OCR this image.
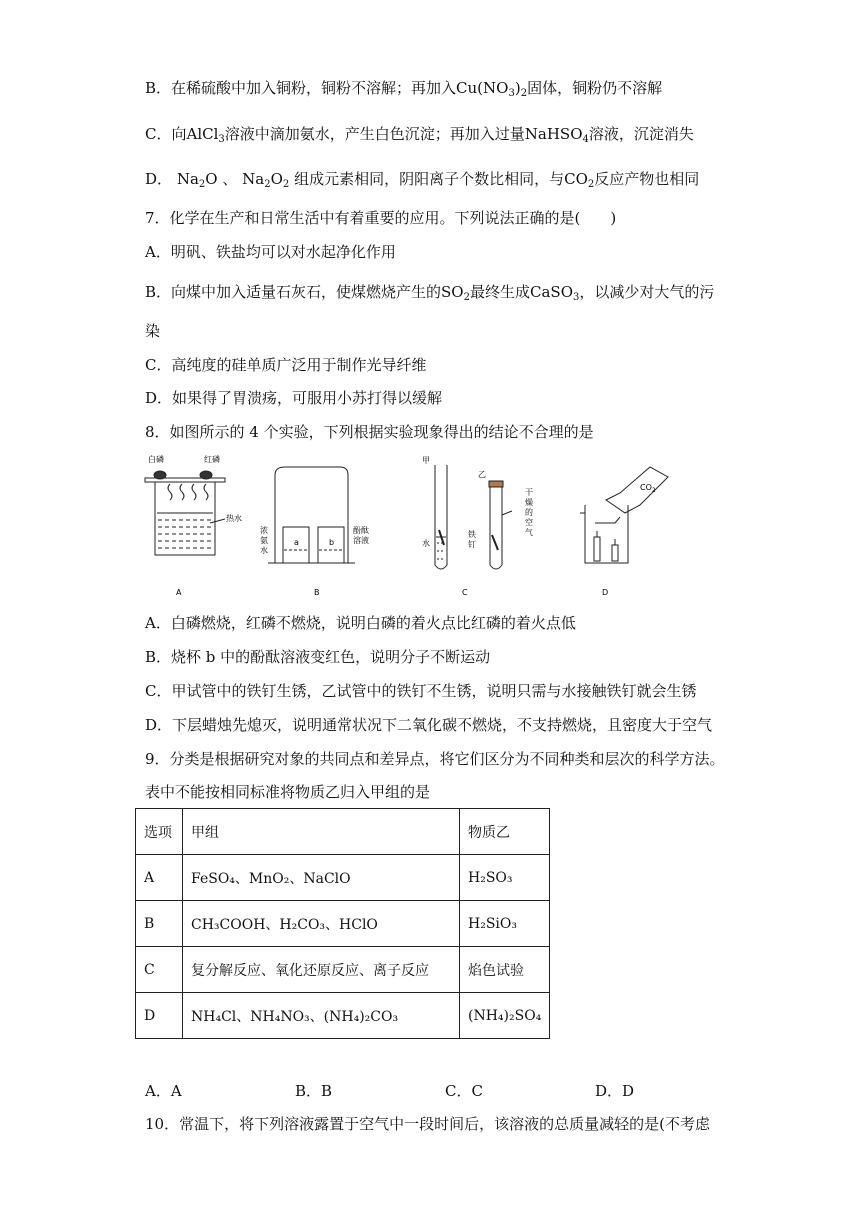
B．在稀硫酸中加入铜粉，铜粉不溶解；再加入$Cu(NO_3)_2$固体，铜粉仍不溶解
C．向AlCl$_3$溶液中滴加氨水，产生白色沉淀；再加入过量NaHSO$_4$溶液，沉淀消失
D． $Na_2O$ 、 $Na_2O_2$ 组成元素相同，阴阳离子个数比相同，与$CO_2$反应产物也相同
7．化学在生产和日常生活中有着重要的应用。下列说法正确的是(　　)
A．明矾、铁盐均可以对水起净化作用
B．向煤中加入适量石灰石，使煤燃烧产生的$SO_2$最终生成CaSO$_3$，以减少对大气的污
染
C．高纯度的硅单质广泛用于制作光导纤维
D．如果得了胃溃疡，可服用小苏打得以缓解
8．如图所示的 4 个实验，下列根据实验现象得出的结论不合理的是
白磷	红磷
热水
A
浓
氨
水
酚酞
溶液
a	b
B
甲
乙
水
铁
钉
干
燥
的
空
气
C
$CO_2$
D
A．白磷燃烧，红磷不燃烧，说明白磷的着火点比红磷的着火点低
B．烧杯 b 中的酚酞溶液变红色，说明分子不断运动
C．甲试管中的铁钉生锈，乙试管中的铁钉不生锈，说明只需与水接触铁钉就会生锈
D．下层蜡烛先熄灭，说明通常状况下二氧化碳不燃烧，不支持燃烧，且密度大于空气
9．分类是根据研究对象的共同点和差异点，将它们区分为不同种类和层次的科学方法。
表中不能按相同标准将物质乙归入甲组的是
选项	甲组	物质乙
A	FeSO₄、MnO₂、NaClO	H₂SO₃
B	CH₃COOH、H₂CO₃、HClO	H₂SiO₃
C	复分解反应、氧化还原反应、离子反应	焰色试验
D	NH₄Cl、NH₄NO₃、(NH₄)₂CO₃	(NH₄)₂SO₄
A．A	B．B	C．C	D．D
10．常温下，将下列溶液露置于空气中一段时间后，该溶液的总质量减轻的是(不考虑
